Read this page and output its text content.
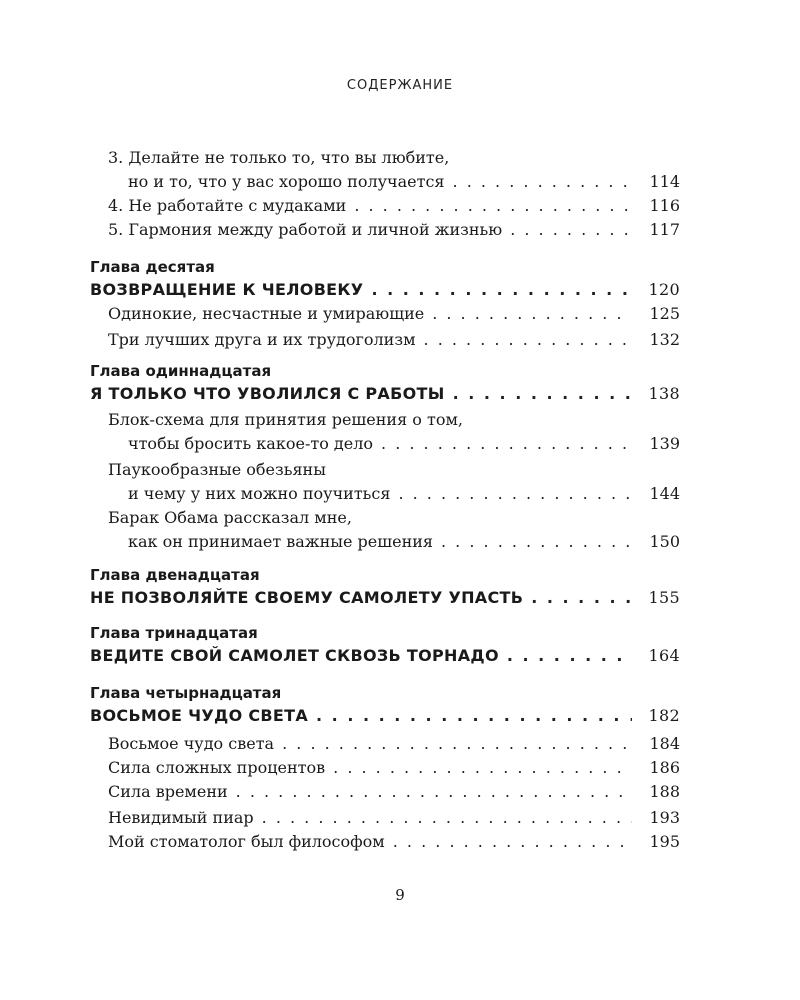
СОДЕРЖАНИЕ
3. Делайте не только то, что вы любите,
но и то, что у вас хорошо получается . . .	114
4. Не работайте с мудаками . . .	116
5. Гармония между работой и личной жизнью . . .	117
Глава десятая
ВОЗВРАЩЕНИЕ К ЧЕЛОВЕКУ . . .	120
Одинокие, несчастные и умирающие . . .	125
Три лучших друга и их трудоголизм . . .	132
Глава одиннадцатая
Я ТОЛЬКО ЧТО УВОЛИЛСЯ С РАБОТЫ . . .	138
Блок-схема для принятия решения о том,
чтобы бросить какое-то дело . . .	139
Паукообразные обезьяны
и чему у них можно поучиться . . .	144
Барак Обама рассказал мне,
как он принимает важные решения . . .	150
Глава двенадцатая
НЕ ПОЗВОЛЯЙТЕ СВОЕМУ САМОЛЕТУ УПАСТЬ . . .	155
Глава тринадцатая
ВЕДИТЕ СВОЙ САМОЛЕТ СКВОЗЬ ТОРНАДО . . .	164
Глава четырнадцатая
ВОСЬМОЕ ЧУДО СВЕТА . . .	182
Восьмое чудо света . . .	184
Сила сложных процентов . . .	186
Сила времени . . .	188
Невидимый пиар . . .	193
Мой стоматолог был философом . . .	195
9
